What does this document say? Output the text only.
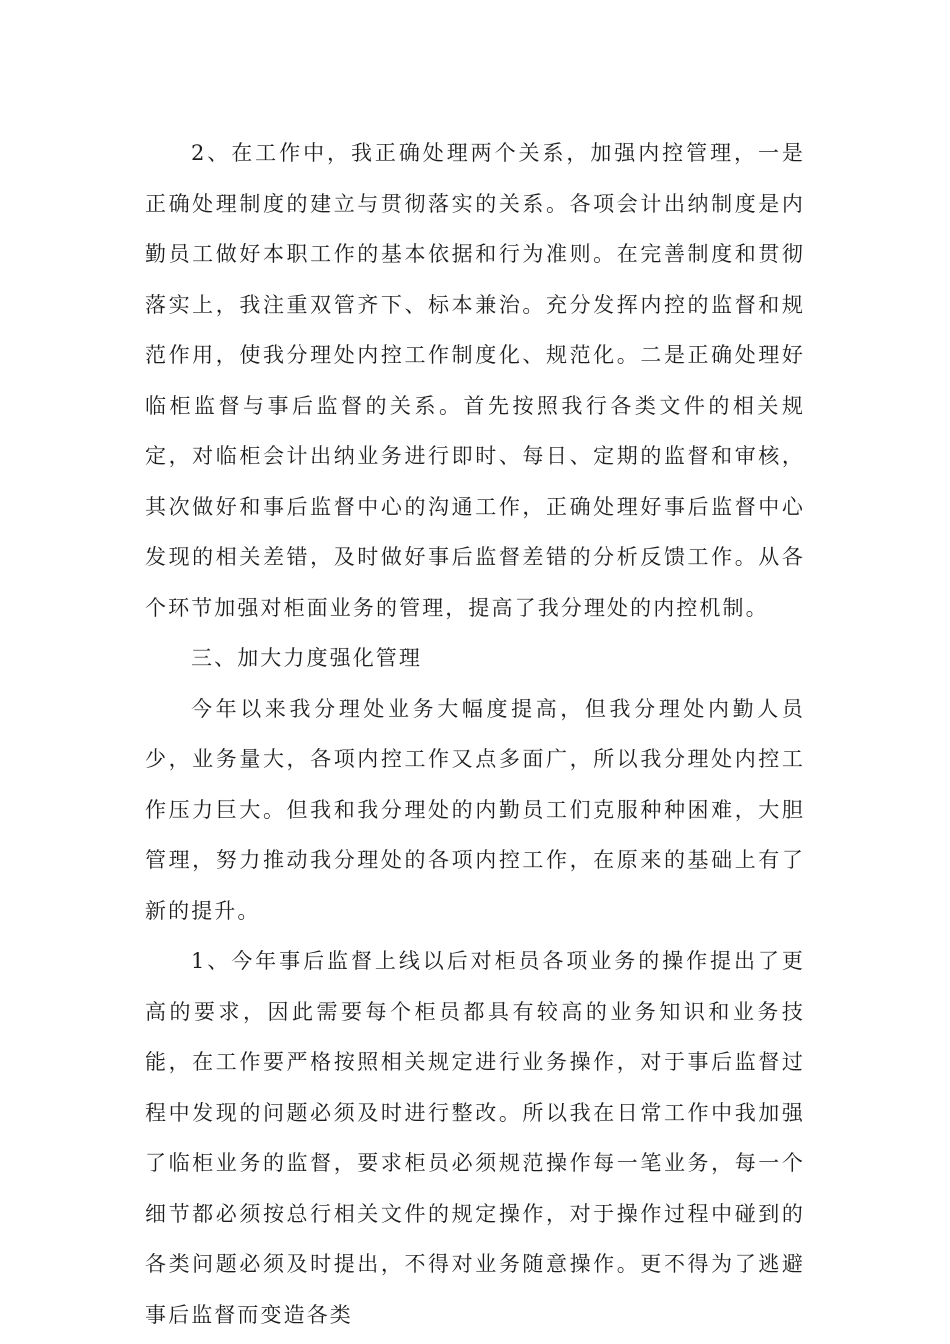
2、在工作中，我正确处理两个关系，加强内控管理，一是正确处理制度的建立与贯彻落实的关系。各项会计出纳制度是内勤员工做好本职工作的基本依据和行为准则。在完善制度和贯彻落实上，我注重双管齐下、标本兼治。充分发挥内控的监督和规范作用，使我分理处内控工作制度化、规范化。二是正确处理好临柜监督与事后监督的关系。首先按照我行各类文件的相关规定，对临柜会计出纳业务进行即时、每日、定期的监督和审核，其次做好和事后监督中心的沟通工作，正确处理好事后监督中心发现的相关差错，及时做好事后监督差错的分析反馈工作。从各个环节加强对柜面业务的管理，提高了我分理处的内控机制。

三、加大力度强化管理

今年以来我分理处业务大幅度提高，但我分理处内勤人员少，业务量大，各项内控工作又点多面广，所以我分理处内控工作压力巨大。但我和我分理处的内勤员工们克服种种困难，大胆管理，努力推动我分理处的各项内控工作，在原来的基础上有了新的提升。

1、今年事后监督上线以后对柜员各项业务的操作提出了更高的要求，因此需要每个柜员都具有较高的业务知识和业务技能，在工作要严格按照相关规定进行业务操作，对于事后监督过程中发现的问题必须及时进行整改。所以我在日常工作中我加强了临柜业务的监督，要求柜员必须规范操作每一笔业务，每一个细节都必须按总行相关文件的规定操作，对于操作过程中碰到的各类问题必须及时提出，不得对业务随意操作。更不得为了逃避事后监督而变造各类
